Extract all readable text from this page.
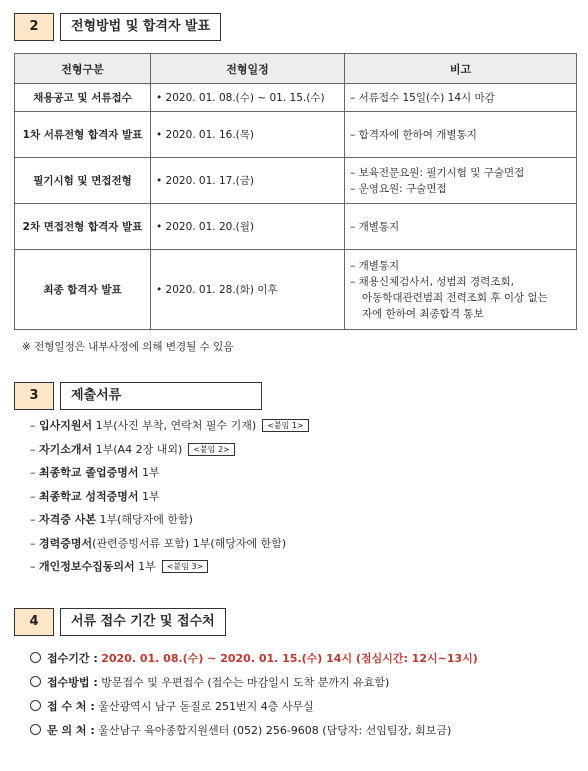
2	전형방법 및 합격자 발표
전형구분	전형일정	비고
채용공고 및 서류접수	• 2020. 01. 08.(수) ~ 01. 15.(수)	– 서류접수 15일(수) 14시 마감

1차 서류전형 합격자 발표	• 2020. 01. 16.(목)	– 합격자에 한하여 개별통지

필기시험 및 면접전형	• 2020. 01. 17.(금)	– 보육전문요원: 필기시험 및 구술면접
– 운영요원: 구술면접

2차 면접전형 합격자 발표	• 2020. 01. 20.(월)	– 개별통지

최종 합격자 발표	• 2020. 01. 28.(화) 이후	– 개별통지
– 채용신체검사서, 성범죄 경력조회,
아동학대관련범죄 전력조회 후 이상 없는
자에 한하여 최종합격 통보
※ 전형일정은 내부사정에 의해 변경될 수 있음
3	제출서류
– 입사지원서 1부(사진 부착, 연락처 필수 기재) <붙임 1>
– 자기소개서 1부(A4 2장 내외) <붙임 2>
– 최종학교 졸업증명서 1부
– 최종학교 성적증명서 1부
– 자격증 사본 1부(해당자에 한함)
– 경력증명서(관련증빙서류 포함) 1부(해당자에 한함)
– 개인정보수집동의서 1부 <붙임 3>
4	서류 접수 기간 및 접수처
접수기간 : 2020. 01. 08.(수) ~ 2020. 01. 15.(수) 14시 (점심시간: 12시~13시)
접수방법 : 방문접수 및 우편접수 (접수는 마감일시 도착 분까지 유효함)
접 수 처 : 울산광역시 남구 돋질로 251번지 4층 사무실
문 의 처 : 울산남구 육아종합지원센터 (052) 256-9608 (담당자: 선임팀장, 회보금)
